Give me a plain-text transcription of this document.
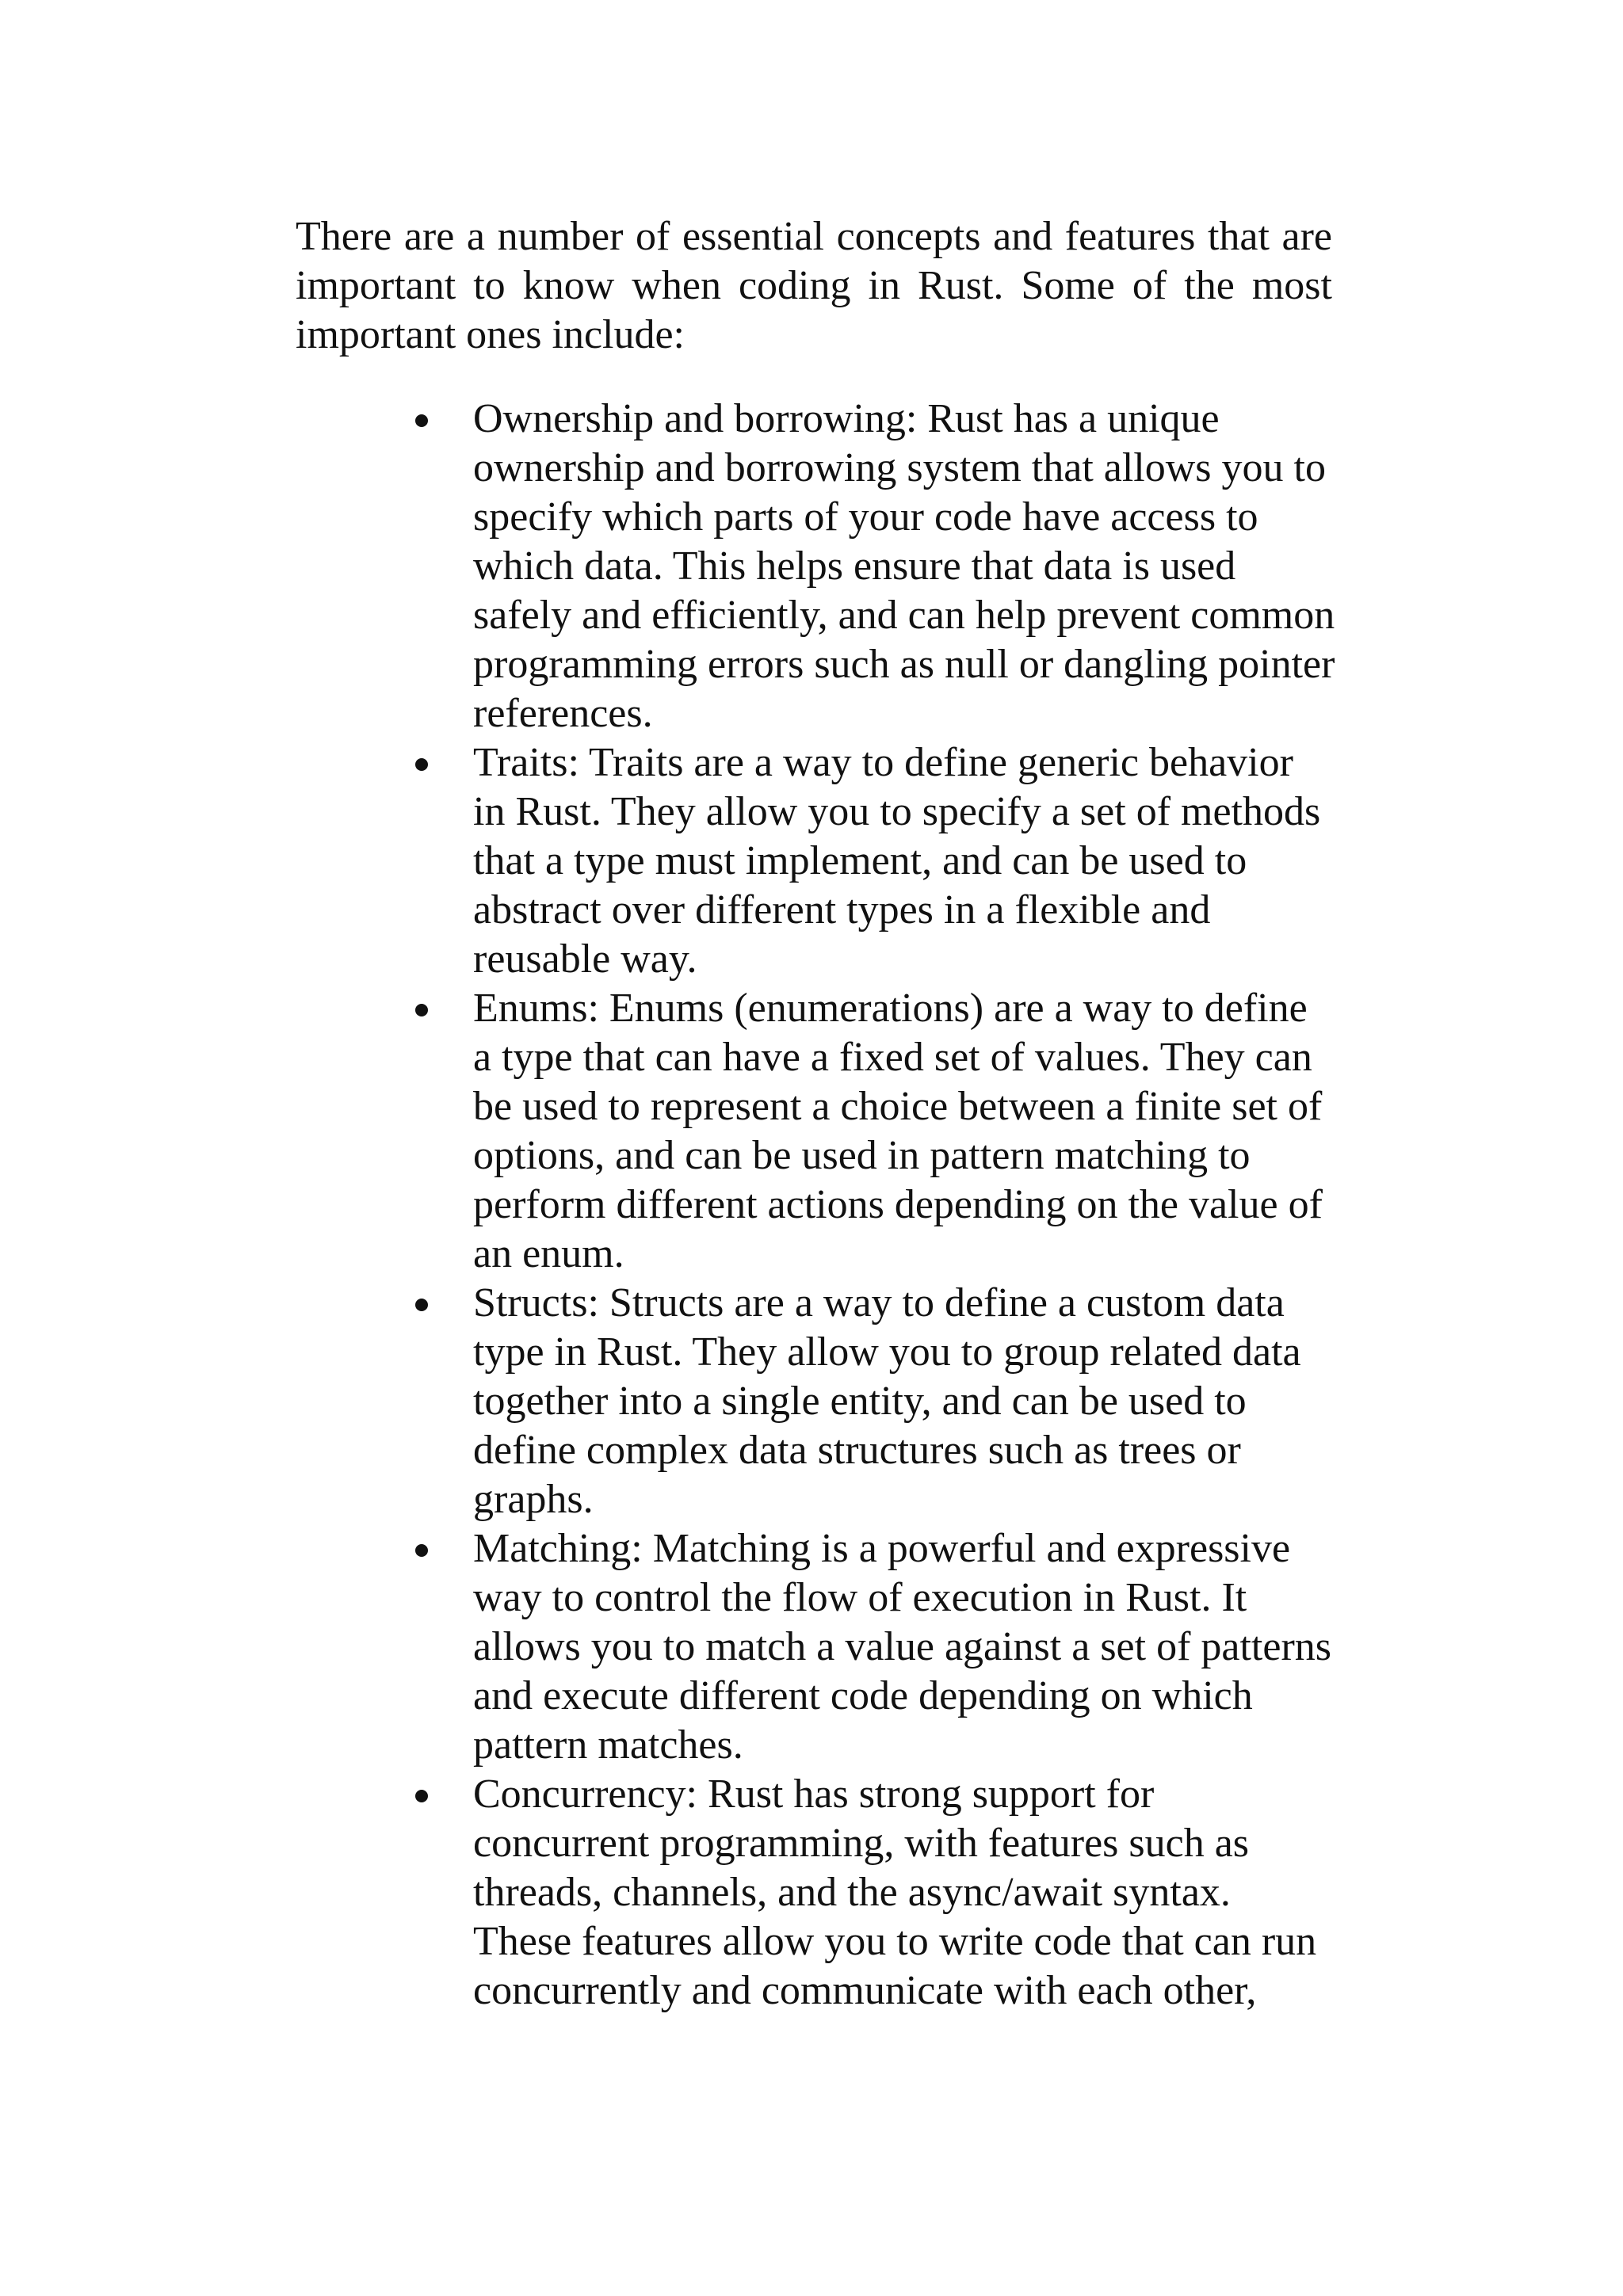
There are a number of essential concepts and features that are
important to know when coding in Rust. Some of the most
important ones include:

Ownership and borrowing: Rust has a unique
ownership and borrowing system that allows you to
specify which parts of your code have access to
which data. This helps ensure that data is used
safely and efficiently, and can help prevent common
programming errors such as null or dangling pointer
references.
Traits: Traits are a way to define generic behavior
in Rust. They allow you to specify a set of methods
that a type must implement, and can be used to
abstract over different types in a flexible and
reusable way.
Enums: Enums (enumerations) are a way to define
a type that can have a fixed set of values. They can
be used to represent a choice between a finite set of
options, and can be used in pattern matching to
perform different actions depending on the value of
an enum.
Structs: Structs are a way to define a custom data
type in Rust. They allow you to group related data
together into a single entity, and can be used to
define complex data structures such as trees or
graphs.
Matching: Matching is a powerful and expressive
way to control the flow of execution in Rust. It
allows you to match a value against a set of patterns
and execute different code depending on which
pattern matches.
Concurrency: Rust has strong support for
concurrent programming, with features such as
threads, channels, and the async/await syntax.
These features allow you to write code that can run
concurrently and communicate with each other,
